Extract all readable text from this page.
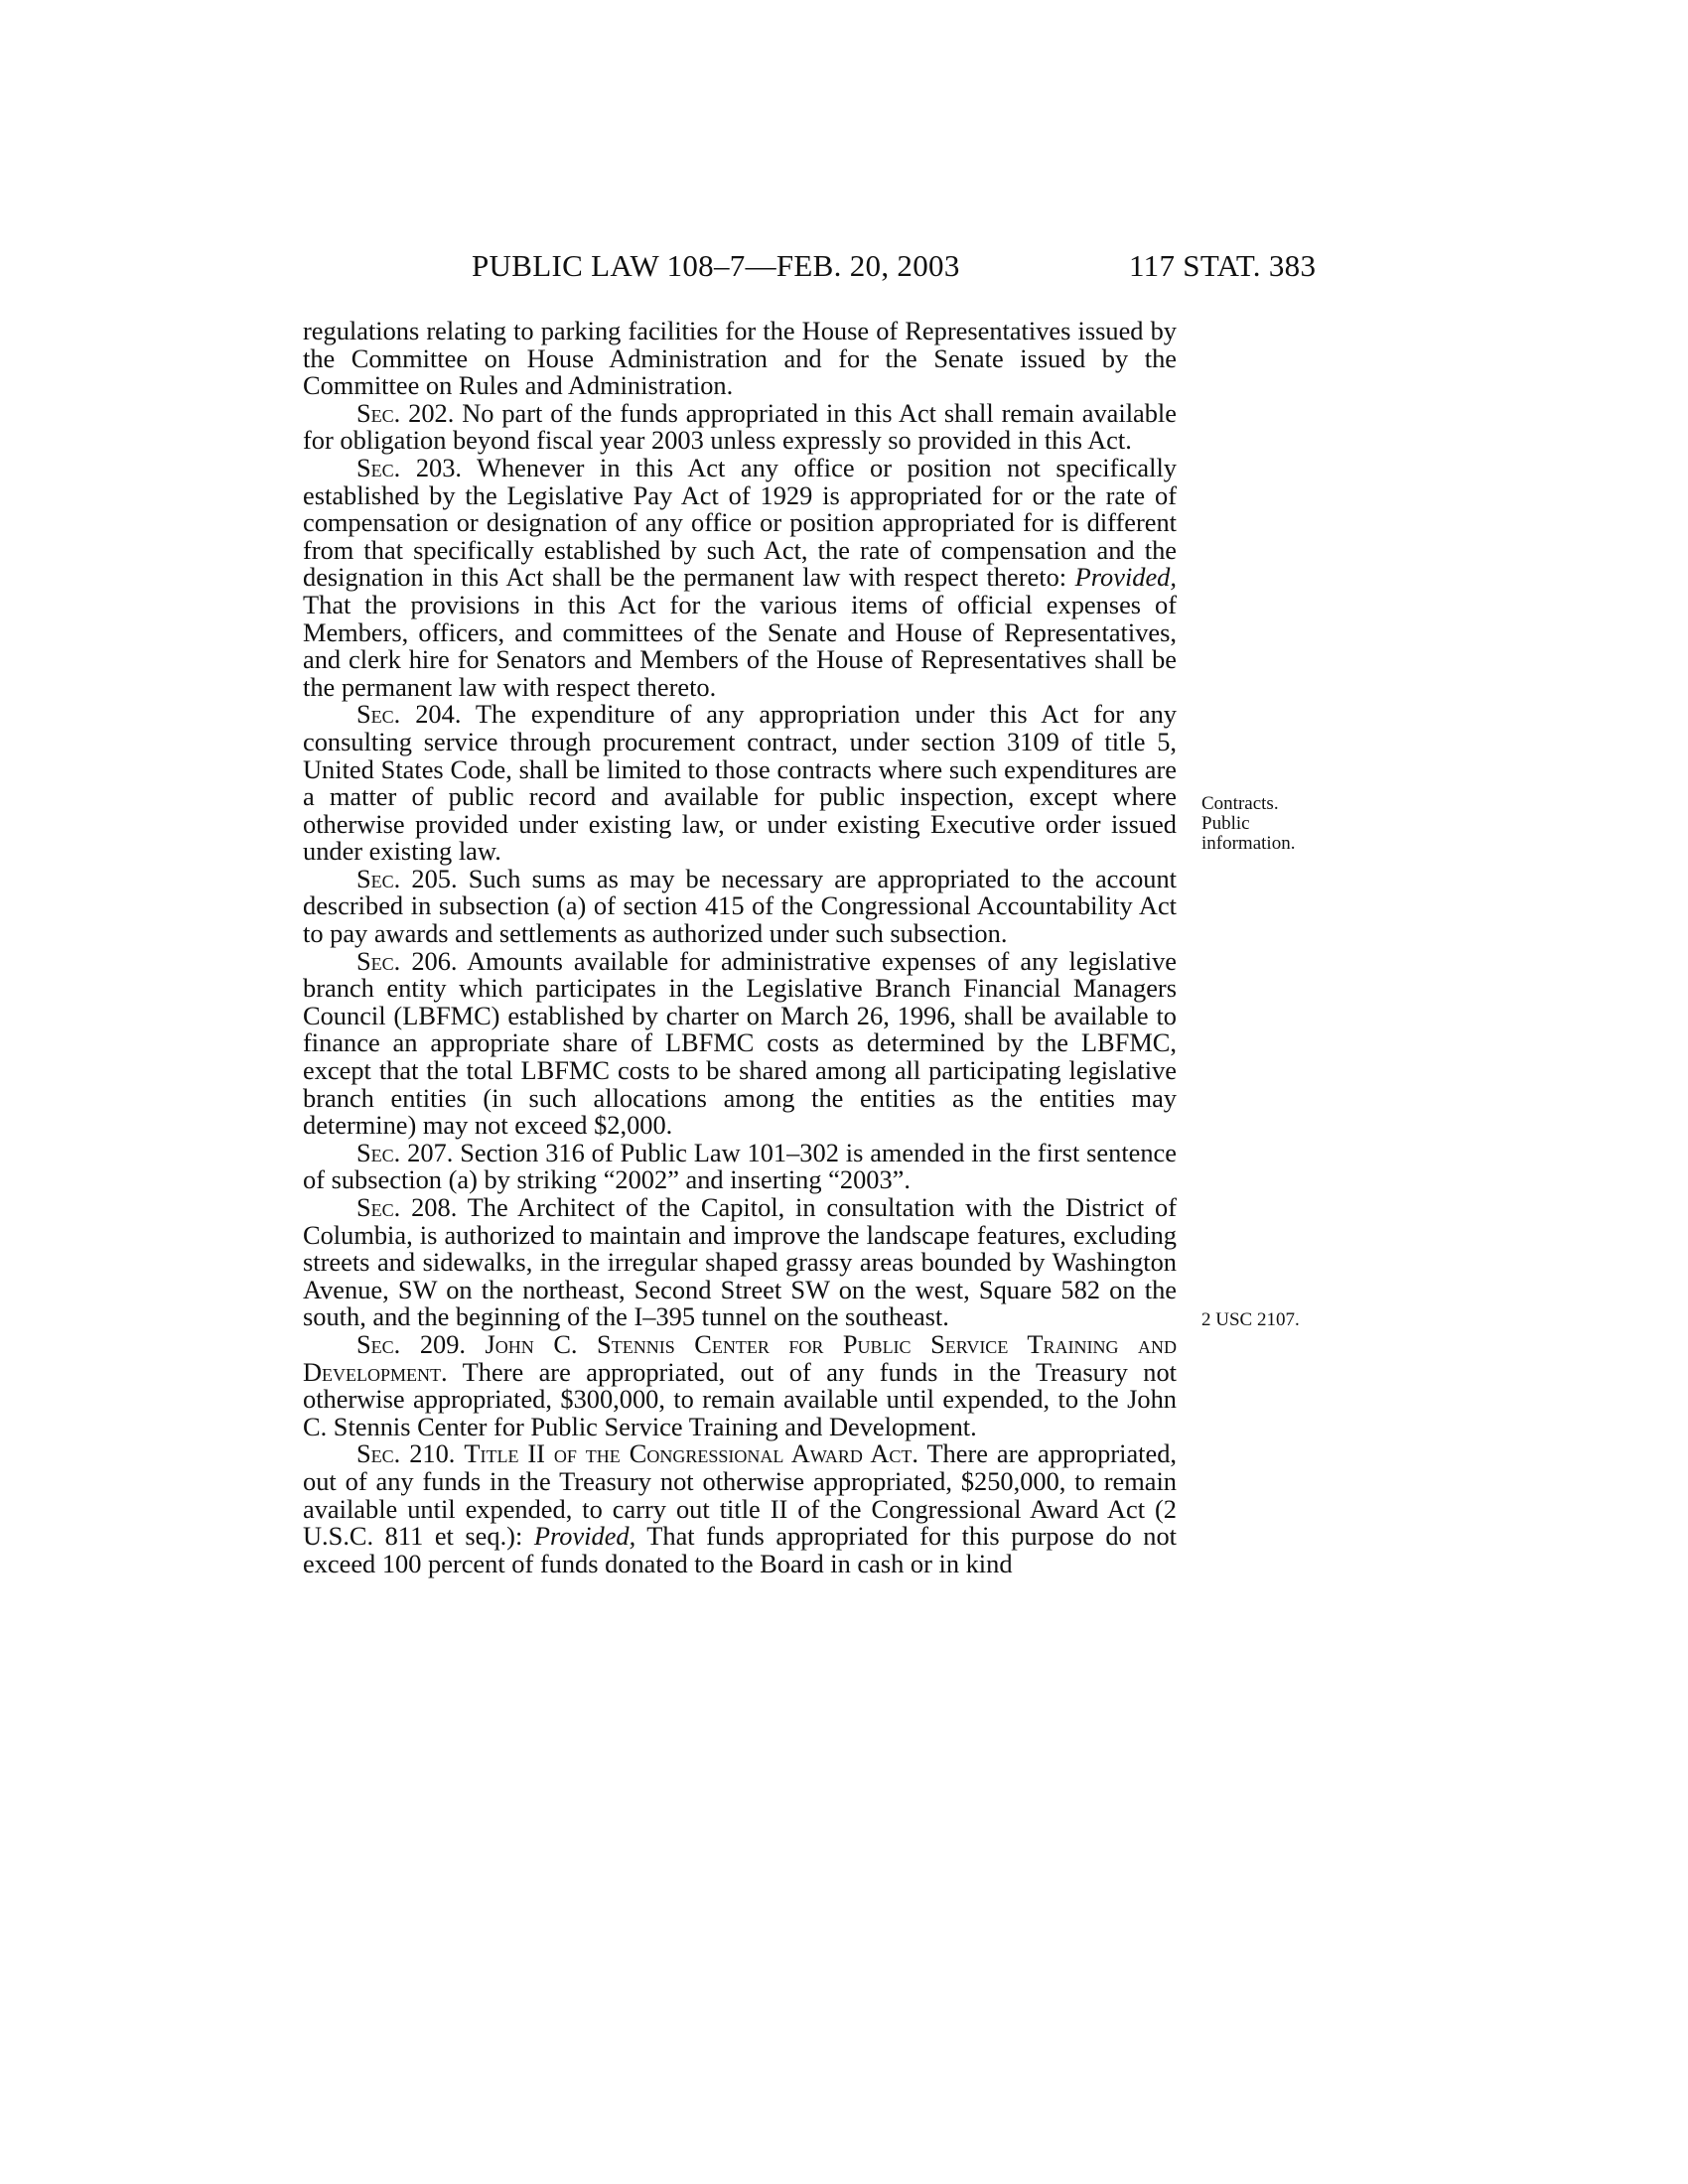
PUBLIC LAW 108–7—FEB. 20, 2003	117 STAT. 383

regulations relating to parking facilities for the House of Representatives issued by the Committee on House Administration and for the Senate issued by the Committee on Rules and Administration.

Sec. 202. No part of the funds appropriated in this Act shall remain available for obligation beyond fiscal year 2003 unless expressly so provided in this Act.

Sec. 203. Whenever in this Act any office or position not specifically established by the Legislative Pay Act of 1929 is appropriated for or the rate of compensation or designation of any office or position appropriated for is different from that specifically established by such Act, the rate of compensation and the designation in this Act shall be the permanent law with respect thereto: Provided, That the provisions in this Act for the various items of official expenses of Members, officers, and committees of the Senate and House of Representatives, and clerk hire for Senators and Members of the House of Representatives shall be the permanent law with respect thereto.

Sec. 204. The expenditure of any appropriation under this Act for any consulting service through procurement contract, under section 3109 of title 5, United States Code, shall be limited to those contracts where such expenditures are a matter of public record and available for public inspection, except where otherwise provided under existing law, or under existing Executive order issued under existing law.

Sec. 205. Such sums as may be necessary are appropriated to the account described in subsection (a) of section 415 of the Congressional Accountability Act to pay awards and settlements as authorized under such subsection.

Sec. 206. Amounts available for administrative expenses of any legislative branch entity which participates in the Legislative Branch Financial Managers Council (LBFMC) established by charter on March 26, 1996, shall be available to finance an appropriate share of LBFMC costs as determined by the LBFMC, except that the total LBFMC costs to be shared among all participating legislative branch entities (in such allocations among the entities as the entities may determine) may not exceed $2,000.

Sec. 207. Section 316 of Public Law 101–302 is amended in the first sentence of subsection (a) by striking “2002” and inserting “2003”.

Sec. 208. The Architect of the Capitol, in consultation with the District of Columbia, is authorized to maintain and improve the landscape features, excluding streets and sidewalks, in the irregular shaped grassy areas bounded by Washington Avenue, SW on the northeast, Second Street SW on the west, Square 582 on the south, and the beginning of the I–395 tunnel on the southeast.

Sec. 209. John C. Stennis Center for Public Service Training and Development. There are appropriated, out of any funds in the Treasury not otherwise appropriated, $300,000, to remain available until expended, to the John C. Stennis Center for Public Service Training and Development.

Sec. 210. Title II of the Congressional Award Act. There are appropriated, out of any funds in the Treasury not otherwise appropriated, $250,000, to remain available until expended, to carry out title II of the Congressional Award Act (2 U.S.C. 811 et seq.): Provided, That funds appropriated for this purpose do not exceed 100 percent of funds donated to the Board in cash or in kind

Contracts.
Public information.
2 USC 2107.
